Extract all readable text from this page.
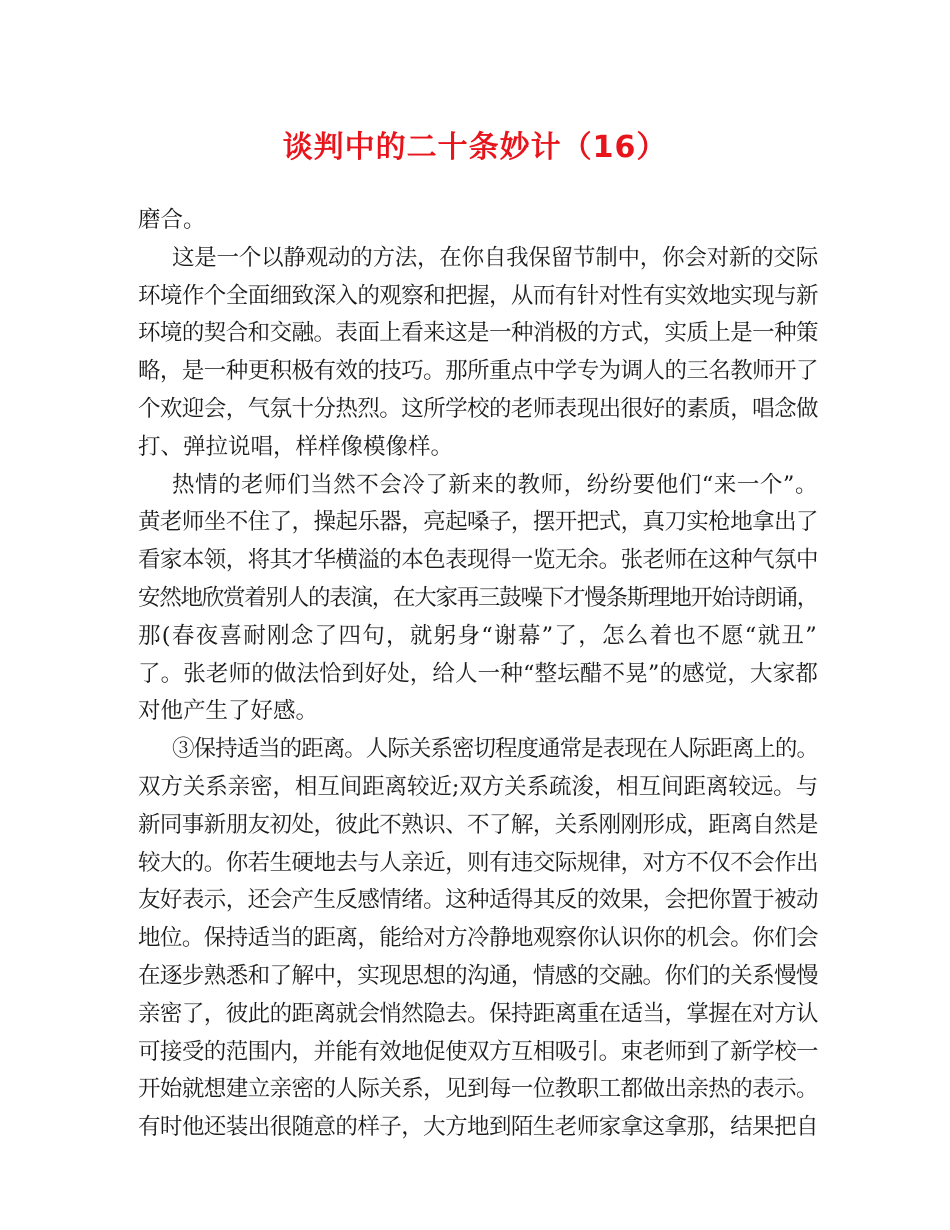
谈判中的二十条妙计（16）
磨合。
这是一个以静观动的方法，在你自我保留节制中，你会对新的交际
环境作个全面细致深入的观察和把握，从而有针对性有实效地实现与新
环境的契合和交融。表面上看来这是一种消极的方式，实质上是一种策
略，是一种更积极有效的技巧。那所重点中学专为调人的三名教师开了
个欢迎会，气氛十分热烈。这所学校的老师表现出很好的素质，唱念做
打、弹拉说唱，样样像模像样。
热情的老师们当然不会冷了新来的教师，纷纷要他们“来一个”。
黄老师坐不住了，操起乐器，亮起嗓子，摆开把式，真刀实枪地拿出了
看家本领，将其才华横溢的本色表现得一览无余。张老师在这种气氛中
安然地欣赏着别人的表演，在大家再三鼓噪下才慢条斯理地开始诗朗诵，
那(春夜喜耐刚念了四句，就躬身“谢幕”了，怎么着也不愿“就丑”
了。张老师的做法恰到好处，给人一种“整坛醋不晃”的感觉，大家都
对他产生了好感。
③保持适当的距离。人际关系密切程度通常是表现在人际距离上的。
双方关系亲密，相互间距离较近;双方关系疏浚，相互间距离较远。与
新同事新朋友初处，彼此不熟识、不了解，关系刚刚形成，距离自然是
较大的。你若生硬地去与人亲近，则有违交际规律，对方不仅不会作出
友好表示，还会产生反感情绪。这种适得其反的效果，会把你置于被动
地位。保持适当的距离，能给对方冷静地观察你认识你的机会。你们会
在逐步熟悉和了解中，实现思想的沟通，情感的交融。你们的关系慢慢
亲密了，彼此的距离就会悄然隐去。保持距离重在适当，掌握在对方认
可接受的范围内，并能有效地促使双方互相吸引。束老师到了新学校一
开始就想建立亲密的人际关系，见到每一位教职工都做出亲热的表示。
有时他还装出很随意的样子，大方地到陌生老师家拿这拿那，结果把自
